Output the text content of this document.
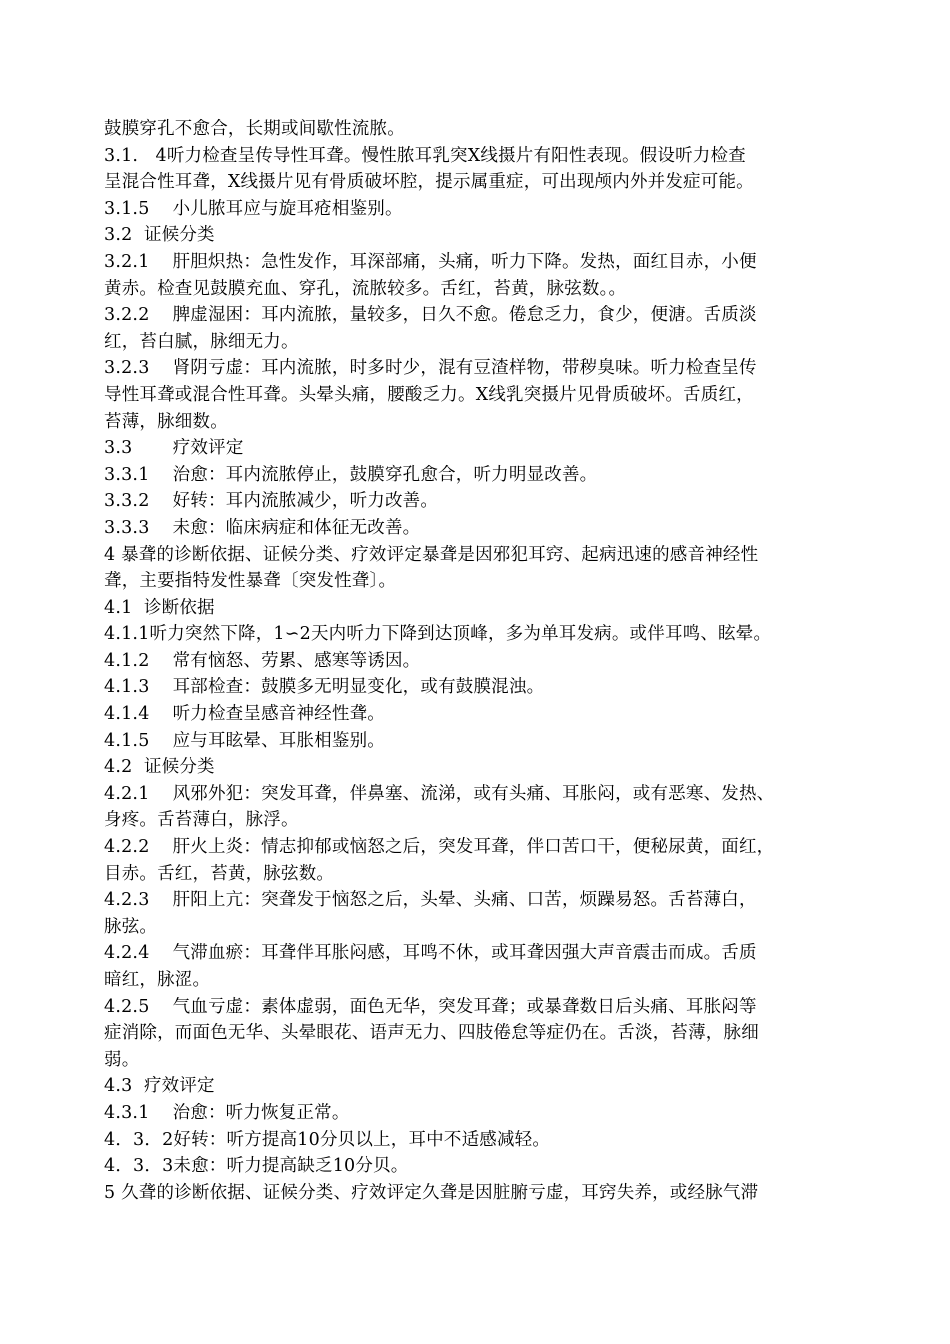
鼓膜穿孔不愈合，长期或间歇性流脓。
3.1.   4听力检查呈传导性耳聋。慢性脓耳乳突X线摄片有阳性表现。假设听力检查
呈混合性耳聋，X线摄片见有骨质破坏腔，提示属重症，可出现颅内外并发症可能。
3.1.5    小儿脓耳应与旋耳疮相鉴别。
3.2  证候分类
3.2.1    肝胆炽热：急性发作，耳深部痛，头痛，听力下降。发热，面红目赤，小便
黄赤。检查见鼓膜充血、穿孔，流脓较多。舌红，苔黄，脉弦数。。
3.2.2    脾虚湿困：耳内流脓，量较多，日久不愈。倦怠乏力，食少，便溏。舌质淡
红，苔白腻，脉细无力。
3.2.3    肾阴亏虚：耳内流脓，时多时少，混有豆渣样物，带秽臭味。听力检查呈传
导性耳聋或混合性耳聋。头晕头痛，腰酸乏力。X线乳突摄片见骨质破坏。舌质红，
苔薄，脉细数。
3.3       疗效评定
3.3.1    治愈：耳内流脓停止，鼓膜穿孔愈合，听力明显改善。
3.3.2    好转：耳内流脓减少，听力改善。
3.3.3    未愈：临床病症和体征无改善。
4 暴聋的诊断依据、证候分类、疗效评定暴聋是因邪犯耳窍、起病迅速的感音神经性
聋，主要指特发性暴聋〔突发性聋〕。
4.1  诊断依据
4.1.1听力突然下降，1∽2天内听力下降到达顶峰，多为单耳发病。或伴耳鸣、眩晕。
4.1.2    常有恼怒、劳累、感寒等诱因。
4.1.3    耳部检查：鼓膜多无明显变化，或有鼓膜混浊。
4.1.4    听力检查呈感音神经性聋。
4.1.5    应与耳眩晕、耳胀相鉴别。
4.2  证候分类
4.2.1    风邪外犯：突发耳聋，伴鼻塞、流涕，或有头痛、耳胀闷，或有恶寒、发热、
身疼。舌苔薄白，脉浮。
4.2.2    肝火上炎：情志抑郁或恼怒之后，突发耳聋，伴口苦口干，便秘尿黄，面红，
目赤。舌红，苔黄，脉弦数。
4.2.3    肝阳上亢：突聋发于恼怒之后，头晕、头痛、口苦，烦躁易怒。舌苔薄白，
脉弦。
4.2.4    气滞血瘀：耳聋伴耳胀闷感，耳鸣不休，或耳聋因强大声音震击而成。舌质
暗红，脉涩。
4.2.5    气血亏虚：素体虚弱，面色无华，突发耳聋；或暴聋数日后头痛、耳胀闷等
症消除，而面色无华、头晕眼花、语声无力、四肢倦怠等症仍在。舌淡，苔薄，脉细
弱。
4.3  疗效评定
4.3.1    治愈：听力恢复正常。
4．3．2好转：听方提高10分贝以上，耳中不适感减轻。
4．3．3未愈：听力提高缺乏10分贝。
5 久聋的诊断依据、证候分类、疗效评定久聋是因脏腑亏虚，耳窍失养，或经脉气滞
